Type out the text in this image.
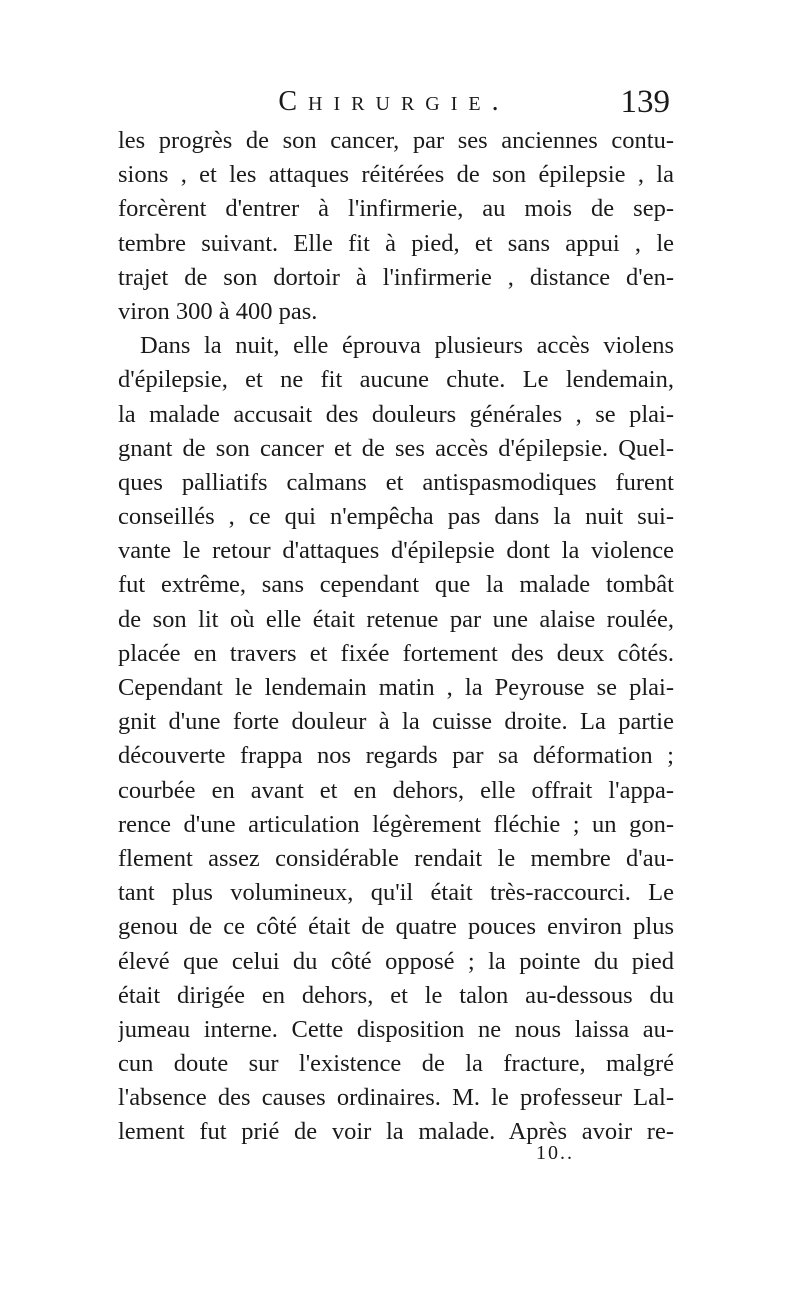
Chirurgie.	139
les progrès de son cancer, par ses anciennes contu-
sions , et les attaques réitérées de son épilepsie , la
forcèrent d'entrer à l'infirmerie, au mois de sep-
tembre suivant. Elle fit à pied, et sans appui , le
trajet de son dortoir à l'infirmerie , distance d'en-
viron 300 à 400 pas.
Dans la nuit, elle éprouva plusieurs accès violens
d'épilepsie, et ne fit aucune chute. Le lendemain,
la malade accusait des douleurs générales , se plai-
gnant de son cancer et de ses accès d'épilepsie. Quel-
ques palliatifs calmans et antispasmodiques furent
conseillés , ce qui n'empêcha pas dans la nuit sui-
vante le retour d'attaques d'épilepsie dont la violence
fut extrême, sans cependant que la malade tombât
de son lit où elle était retenue par une alaise roulée,
placée en travers et fixée fortement des deux côtés.
Cependant le lendemain matin , la Peyrouse se plai-
gnit d'une forte douleur à la cuisse droite. La partie
découverte frappa nos regards par sa déformation ;
courbée en avant et en dehors, elle offrait l'appa-
rence d'une articulation légèrement fléchie ; un gon-
flement assez considérable rendait le membre d'au-
tant plus volumineux, qu'il était très-raccourci. Le
genou de ce côté était de quatre pouces environ plus
élevé que celui du côté opposé ; la pointe du pied
était dirigée en dehors, et le talon au-dessous du
jumeau interne. Cette disposition ne nous laissa au-
cun doute sur l'existence de la fracture, malgré
l'absence des causes ordinaires. M. le professeur Lal-
lement fut prié de voir la malade. Après avoir re-
10..
